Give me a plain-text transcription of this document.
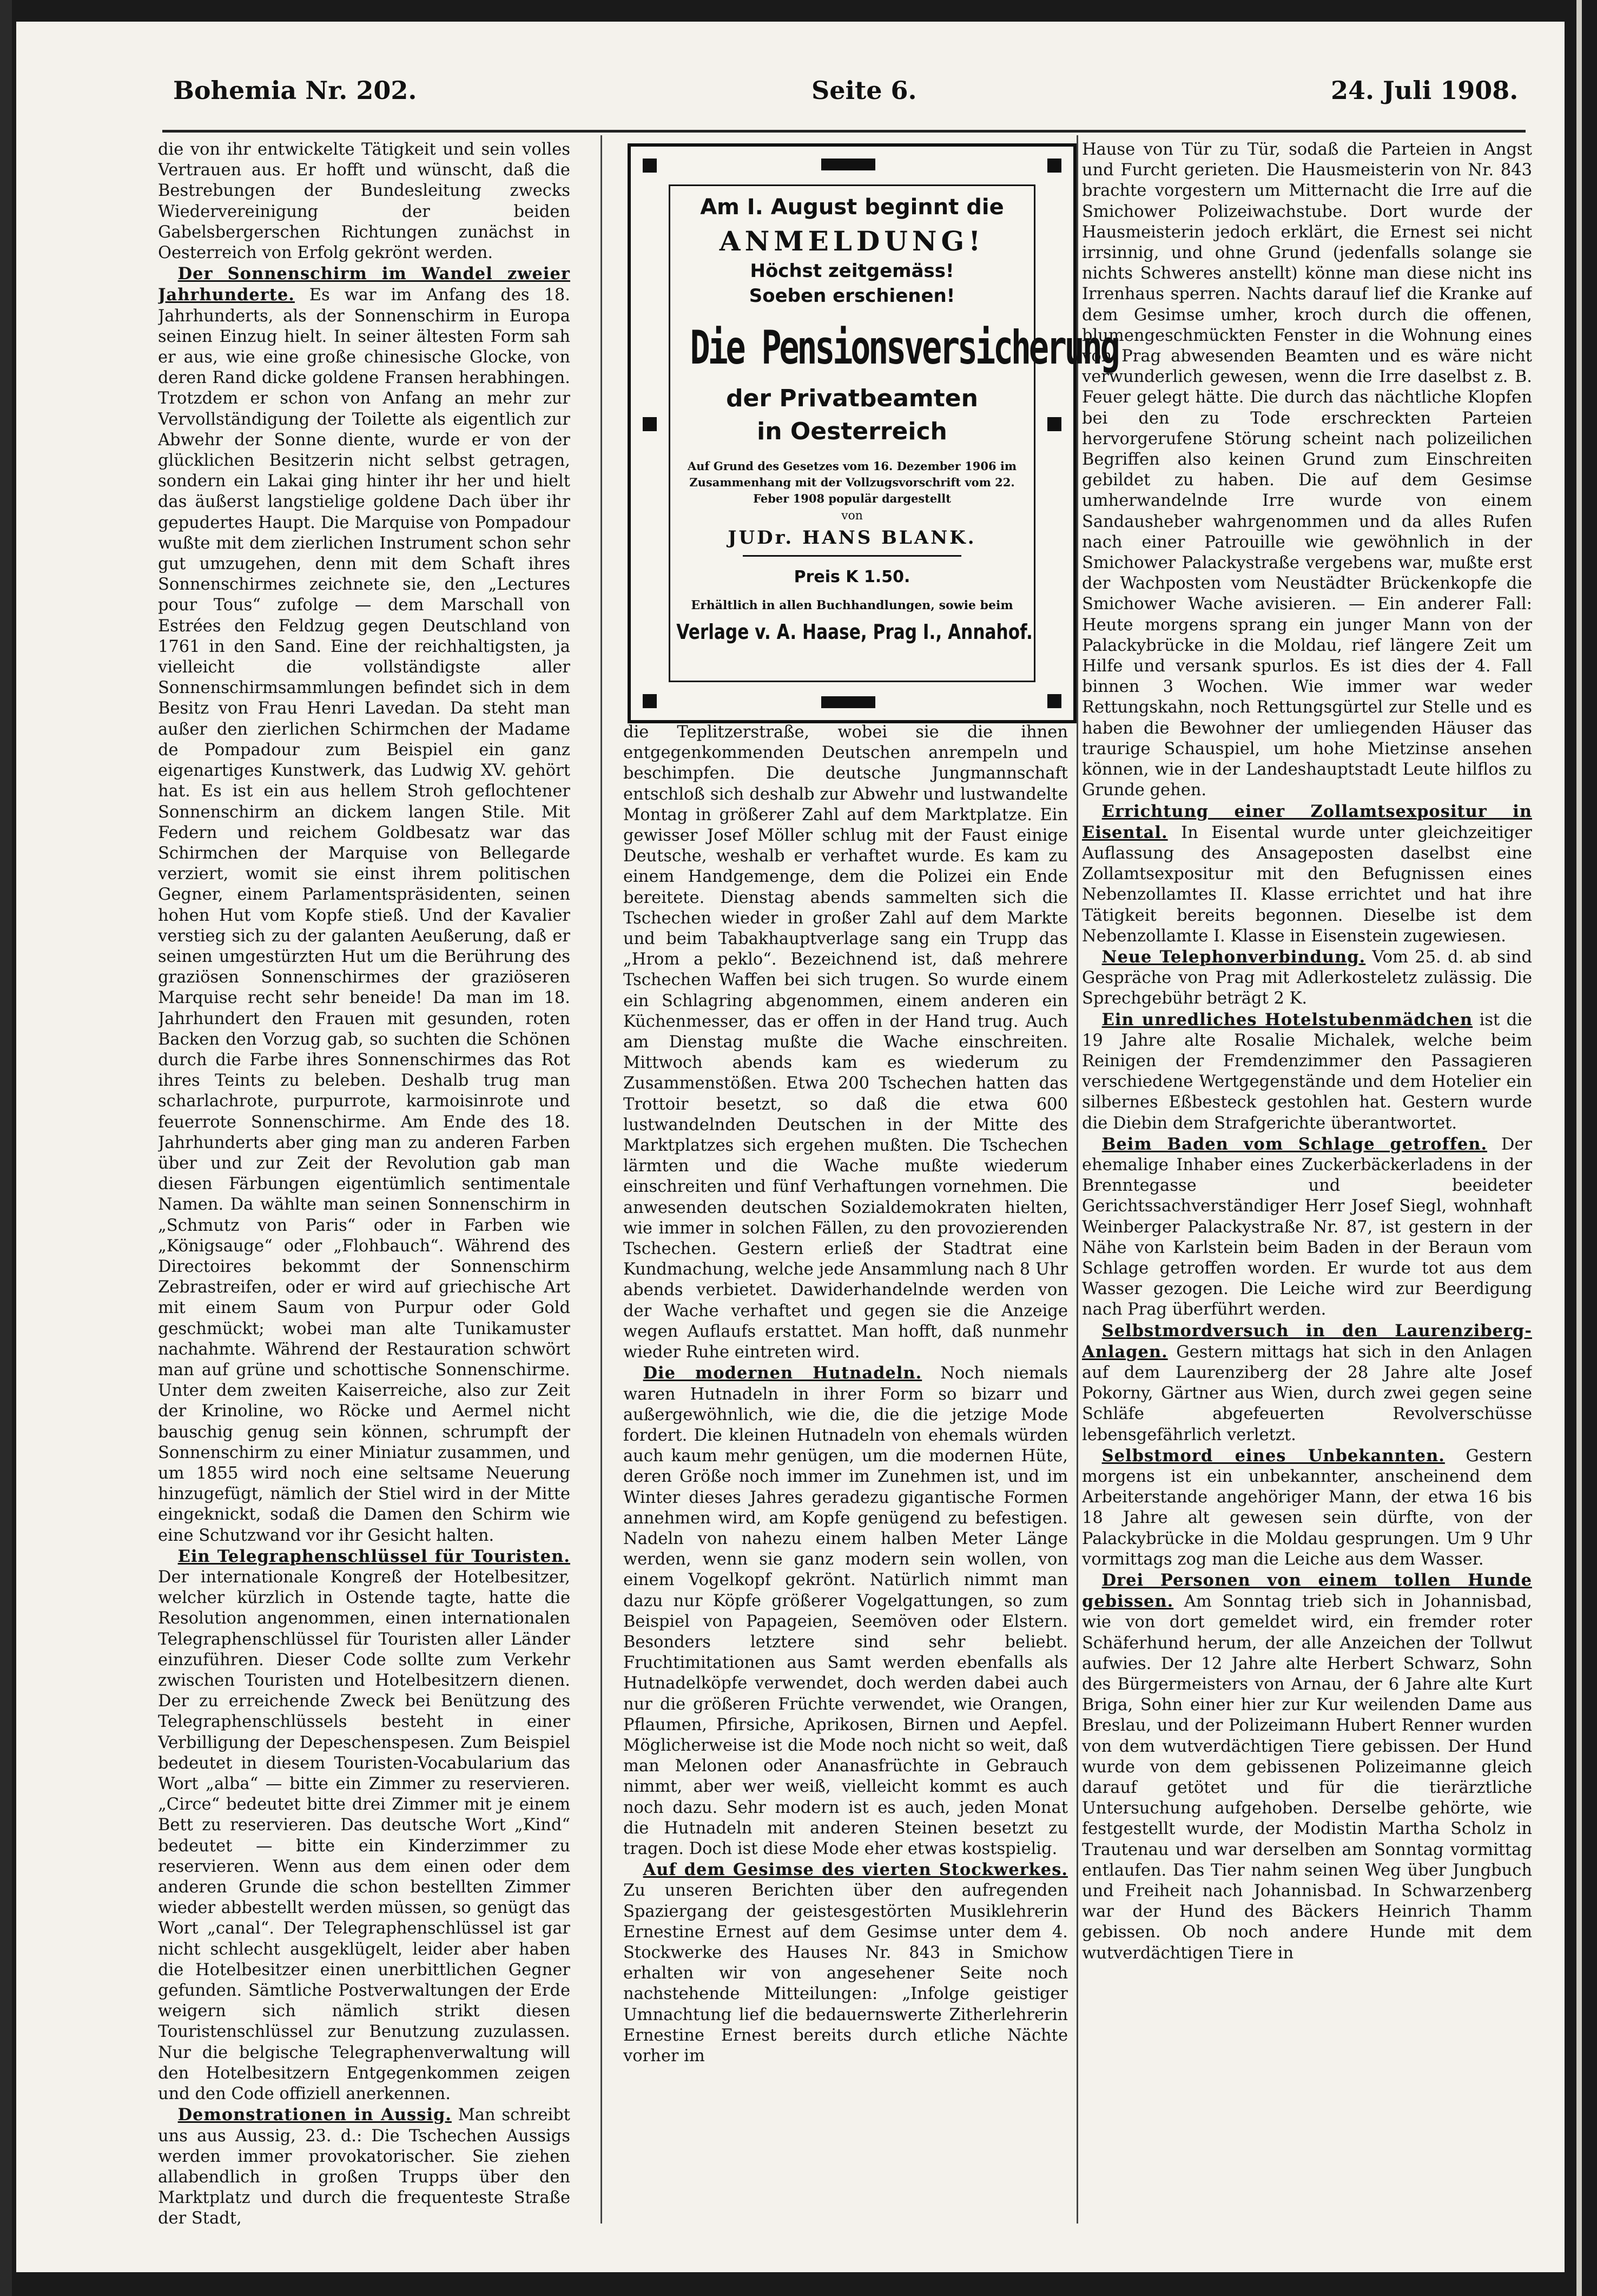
Bohemia Nr. 202.	Seite 6.	24. Juli 1908.

die von ihr entwickelte Tätigkeit und sein volles Vertrauen aus. Er hofft und wünscht, daß die Bestrebungen der Bundesleitung zwecks Wiedervereinigung der beiden Gabelsbergerschen Richtungen zunächst in Oesterreich von Erfolg gekrönt werden.

Der Sonnenschirm im Wandel zweier Jahrhunderte. Es war im Anfang des 18. Jahrhunderts, als der Sonnenschirm in Europa seinen Einzug hielt. In seiner ältesten Form sah er aus, wie eine große chinesische Glocke, von deren Rand dicke goldene Fransen herabhingen. Trotzdem er schon von Anfang an mehr zur Vervollständigung der Toilette als eigentlich zur Abwehr der Sonne diente, wurde er von der glücklichen Besitzerin nicht selbst getragen, sondern ein Lakai ging hinter ihr her und hielt das äußerst langstielige goldene Dach über ihr gepudertes Haupt. Die Marquise von Pompadour wußte mit dem zierlichen Instrument schon sehr gut umzugehen, denn mit dem Schaft ihres Sonnenschirmes zeichnete sie, den „Lectures pour Tous“ zufolge — dem Marschall von Estrées den Feldzug gegen Deutschland von 1761 in den Sand. Eine der reichhaltigsten, ja vielleicht die vollständigste aller Sonnenschirmsammlungen befindet sich in dem Besitz von Frau Henri Lavedan. Da steht man außer den zierlichen Schirmchen der Madame de Pompadour zum Beispiel ein ganz eigenartiges Kunstwerk, das Ludwig XV. gehört hat. Es ist ein aus hellem Stroh geflochtener Sonnenschirm an dickem langen Stile. Mit Federn und reichem Goldbesatz war das Schirmchen der Marquise von Bellegarde verziert, womit sie einst ihrem politischen Gegner, einem Parlamentspräsidenten, seinen hohen Hut vom Kopfe stieß. Und der Kavalier verstieg sich zu der galanten Aeußerung, daß er seinen umgestürzten Hut um die Berührung des graziösen Sonnenschirmes der graziöseren Marquise recht sehr beneide! Da man im 18. Jahrhundert den Frauen mit gesunden, roten Backen den Vorzug gab, so suchten die Schönen durch die Farbe ihres Sonnenschirmes das Rot ihres Teints zu beleben. Deshalb trug man scharlachrote, purpurrote, karmoisinrote und feuerrote Sonnenschirme. Am Ende des 18. Jahrhunderts aber ging man zu anderen Farben über und zur Zeit der Revolution gab man diesen Färbungen eigentümlich sentimentale Namen. Da wählte man seinen Sonnenschirm in „Schmutz von Paris“ oder in Farben wie „Königsauge“ oder „Flohbauch“. Während des Directoires bekommt der Sonnenschirm Zebrastreifen, oder er wird auf griechische Art mit einem Saum von Purpur oder Gold geschmückt; wobei man alte Tunikamuster nachahmte. Während der Restauration schwört man auf grüne und schottische Sonnenschirme. Unter dem zweiten Kaiserreiche, also zur Zeit der Krinoline, wo Röcke und Aermel nicht bauschig genug sein können, schrumpft der Sonnenschirm zu einer Miniatur zusammen, und um 1855 wird noch eine seltsame Neuerung hinzugefügt, nämlich der Stiel wird in der Mitte eingeknickt, sodaß die Damen den Schirm wie eine Schutzwand vor ihr Gesicht halten.

Ein Telegraphenschlüssel für Touristen. Der internationale Kongreß der Hotelbesitzer, welcher kürzlich in Ostende tagte, hatte die Resolution angenommen, einen internationalen Telegraphenschlüssel für Touristen aller Länder einzuführen. Dieser Code sollte zum Verkehr zwischen Touristen und Hotelbesitzern dienen. Der zu erreichende Zweck bei Benützung des Telegraphenschlüssels besteht in einer Verbilligung der Depeschenspesen. Zum Beispiel bedeutet in diesem Touristen-Vocabularium das Wort „alba“ — bitte ein Zimmer zu reservieren. „Circe“ bedeutet bitte drei Zimmer mit je einem Bett zu reservieren. Das deutsche Wort „Kind“ bedeutet — bitte ein Kinderzimmer zu reservieren. Wenn aus dem einen oder dem anderen Grunde die schon bestellten Zimmer wieder abbestellt werden müssen, so genügt das Wort „canal“. Der Telegraphenschlüssel ist gar nicht schlecht ausgeklügelt, leider aber haben die Hotelbesitzer einen unerbittlichen Gegner gefunden. Sämtliche Postverwaltungen der Erde weigern sich nämlich strikt diesen Touristenschlüssel zur Benutzung zuzulassen. Nur die belgische Telegraphenverwaltung will den Hotelbesitzern Entgegenkommen zeigen und den Code offiziell anerkennen.

Demonstrationen in Aussig. Man schreibt uns aus Aussig, 23. d.: Die Tschechen Aussigs werden immer provokatorischer. Sie ziehen allabendlich in großen Trupps über den Marktplatz und durch die frequenteste Straße der Stadt,

Am I. August beginnt die
ANMELDUNG!
Höchst zeitgemäss!
Soeben erschienen!
Die Pensionsversicherung
der Privatbeamten
in Oesterreich
Auf Grund des Gesetzes vom 16. Dezember 1906 im Zusammenhang mit der Vollzugsvorschrift vom 22. Feber 1908 populär dargestellt
von
JUDr. HANS BLANK.
Preis K 1.50.
Erhältlich in allen Buchhandlungen, sowie beim
Verlage v. A. Haase, Prag I., Annahof.

die Teplitzerstraße, wobei sie die ihnen entgegenkommenden Deutschen anrempeln und beschimpfen. Die deutsche Jungmannschaft entschloß sich deshalb zur Abwehr und lustwandelte Montag in größerer Zahl auf dem Marktplatze. Ein gewisser Josef Möller schlug mit der Faust einige Deutsche, weshalb er verhaftet wurde. Es kam zu einem Handgemenge, dem die Polizei ein Ende bereitete. Dienstag abends sammelten sich die Tschechen wieder in großer Zahl auf dem Markte und beim Tabakhauptverlage sang ein Trupp das „Hrom a peklo“. Bezeichnend ist, daß mehrere Tschechen Waffen bei sich trugen. So wurde einem ein Schlagring abgenommen, einem anderen ein Küchenmesser, das er offen in der Hand trug. Auch am Dienstag mußte die Wache einschreiten. Mittwoch abends kam es wiederum zu Zusammenstößen. Etwa 200 Tschechen hatten das Trottoir besetzt, so daß die etwa 600 lustwandelnden Deutschen in der Mitte des Marktplatzes sich ergehen mußten. Die Tschechen lärmten und die Wache mußte wiederum einschreiten und fünf Verhaftungen vornehmen. Die anwesenden deutschen Sozialdemokraten hielten, wie immer in solchen Fällen, zu den provozierenden Tschechen. Gestern erließ der Stadtrat eine Kundmachung, welche jede Ansammlung nach 8 Uhr abends verbietet. Dawiderhandelnde werden von der Wache verhaftet und gegen sie die Anzeige wegen Auflaufs erstattet. Man hofft, daß nunmehr wieder Ruhe eintreten wird.

Die modernen Hutnadeln. Noch niemals waren Hutnadeln in ihrer Form so bizarr und außergewöhnlich, wie die, die die jetzige Mode fordert. Die kleinen Hutnadeln von ehemals würden auch kaum mehr genügen, um die modernen Hüte, deren Größe noch immer im Zunehmen ist, und im Winter dieses Jahres geradezu gigantische Formen annehmen wird, am Kopfe genügend zu befestigen. Nadeln von nahezu einem halben Meter Länge werden, wenn sie ganz modern sein wollen, von einem Vogelkopf gekrönt. Natürlich nimmt man dazu nur Köpfe größerer Vogelgattungen, so zum Beispiel von Papageien, Seemöven oder Elstern. Besonders letztere sind sehr beliebt. Fruchtimitationen aus Samt werden ebenfalls als Hutnadelköpfe verwendet, doch werden dabei auch nur die größeren Früchte verwendet, wie Orangen, Pflaumen, Pfirsiche, Aprikosen, Birnen und Aepfel. Möglicherweise ist die Mode noch nicht so weit, daß man Melonen oder Ananasfrüchte in Gebrauch nimmt, aber wer weiß, vielleicht kommt es auch noch dazu. Sehr modern ist es auch, jeden Monat die Hutnadeln mit anderen Steinen besetzt zu tragen. Doch ist diese Mode eher etwas kostspielig.

Auf dem Gesimse des vierten Stockwerkes. Zu unseren Berichten über den aufregenden Spaziergang der geistesgestörten Musiklehrerin Ernestine Ernest auf dem Gesimse unter dem 4. Stockwerke des Hauses Nr. 843 in Smichow erhalten wir von angesehener Seite noch nachstehende Mitteilungen: „Infolge geistiger Umnachtung lief die bedauernswerte Zitherlehrerin Ernestine Ernest bereits durch etliche Nächte vorher im

Hause von Tür zu Tür, sodaß die Parteien in Angst und Furcht gerieten. Die Hausmeisterin von Nr. 843 brachte vorgestern um Mitternacht die Irre auf die Smichower Polizeiwachstube. Dort wurde der Hausmeisterin jedoch erklärt, die Ernest sei nicht irrsinnig, und ohne Grund (jedenfalls solange sie nichts Schweres anstellt) könne man diese nicht ins Irrenhaus sperren. Nachts darauf lief die Kranke auf dem Gesimse umher, kroch durch die offenen, blumengeschmückten Fenster in die Wohnung eines von Prag abwesenden Beamten und es wäre nicht verwunderlich gewesen, wenn die Irre daselbst z. B. Feuer gelegt hätte. Die durch das nächtliche Klopfen bei den zu Tode erschreckten Parteien hervorgerufene Störung scheint nach polizeilichen Begriffen also keinen Grund zum Einschreiten gebildet zu haben. Die auf dem Gesimse umherwandelnde Irre wurde von einem Sandausheber wahrgenommen und da alles Rufen nach einer Patrouille wie gewöhnlich in der Smichower Palackystraße vergebens war, mußte erst der Wachposten vom Neustädter Brückenkopfe die Smichower Wache avisieren. — Ein anderer Fall: Heute morgens sprang ein junger Mann von der Palackybrücke in die Moldau, rief längere Zeit um Hilfe und versank spurlos. Es ist dies der 4. Fall binnen 3 Wochen. Wie immer war weder Rettungskahn, noch Rettungsgürtel zur Stelle und es haben die Bewohner der umliegenden Häuser das traurige Schauspiel, um hohe Mietzinse ansehen können, wie in der Landeshauptstadt Leute hilflos zu Grunde gehen.

Errichtung einer Zollamtsexpositur in Eisental. In Eisental wurde unter gleichzeitiger Auflassung des Ansageposten daselbst eine Zollamtsexpositur mit den Befugnissen eines Nebenzollamtes II. Klasse errichtet und hat ihre Tätigkeit bereits begonnen. Dieselbe ist dem Nebenzollamte I. Klasse in Eisenstein zugewiesen.

Neue Telephonverbindung. Vom 25. d. ab sind Gespräche von Prag mit Adlerkosteletz zulässig. Die Sprechgebühr beträgt 2 K.

Ein unredliches Hotelstubenmädchen ist die 19 Jahre alte Rosalie Michalek, welche beim Reinigen der Fremdenzimmer den Passagieren verschiedene Wertgegenstände und dem Hotelier ein silbernes Eßbesteck gestohlen hat. Gestern wurde die Diebin dem Strafgerichte überantwortet.

Beim Baden vom Schlage getroffen. Der ehemalige Inhaber eines Zuckerbäckerladens in der Brenntegasse und beeideter Gerichtssachverständiger Herr Josef Siegl, wohnhaft Weinberger Palackystraße Nr. 87, ist gestern in der Nähe von Karlstein beim Baden in der Beraun vom Schlage getroffen worden. Er wurde tot aus dem Wasser gezogen. Die Leiche wird zur Beerdigung nach Prag überführt werden.

Selbstmordversuch in den Laurenziberg-Anlagen. Gestern mittags hat sich in den Anlagen auf dem Laurenziberg der 28 Jahre alte Josef Pokorny, Gärtner aus Wien, durch zwei gegen seine Schläfe abgefeuerten Revolverschüsse lebensgefährlich verletzt.

Selbstmord eines Unbekannten. Gestern morgens ist ein unbekannter, anscheinend dem Arbeiterstande angehöriger Mann, der etwa 16 bis 18 Jahre alt gewesen sein dürfte, von der Palackybrücke in die Moldau gesprungen. Um 9 Uhr vormittags zog man die Leiche aus dem Wasser.

Drei Personen von einem tollen Hunde gebissen. Am Sonntag trieb sich in Johannisbad, wie von dort gemeldet wird, ein fremder roter Schäferhund herum, der alle Anzeichen der Tollwut aufwies. Der 12 Jahre alte Herbert Schwarz, Sohn des Bürgermeisters von Arnau, der 6 Jahre alte Kurt Briga, Sohn einer hier zur Kur weilenden Dame aus Breslau, und der Polizeimann Hubert Renner wurden von dem wutverdächtigen Tiere gebissen. Der Hund wurde von dem gebissenen Polizeimanne gleich darauf getötet und für die tierärztliche Untersuchung aufgehoben. Derselbe gehörte, wie festgestellt wurde, der Modistin Martha Scholz in Trautenau und war derselben am Sonntag vormittag entlaufen. Das Tier nahm seinen Weg über Jungbuch und Freiheit nach Johannisbad. In Schwarzenberg war der Hund des Bäckers Heinrich Thamm gebissen. Ob noch andere Hunde mit dem wutverdächtigen Tiere in
